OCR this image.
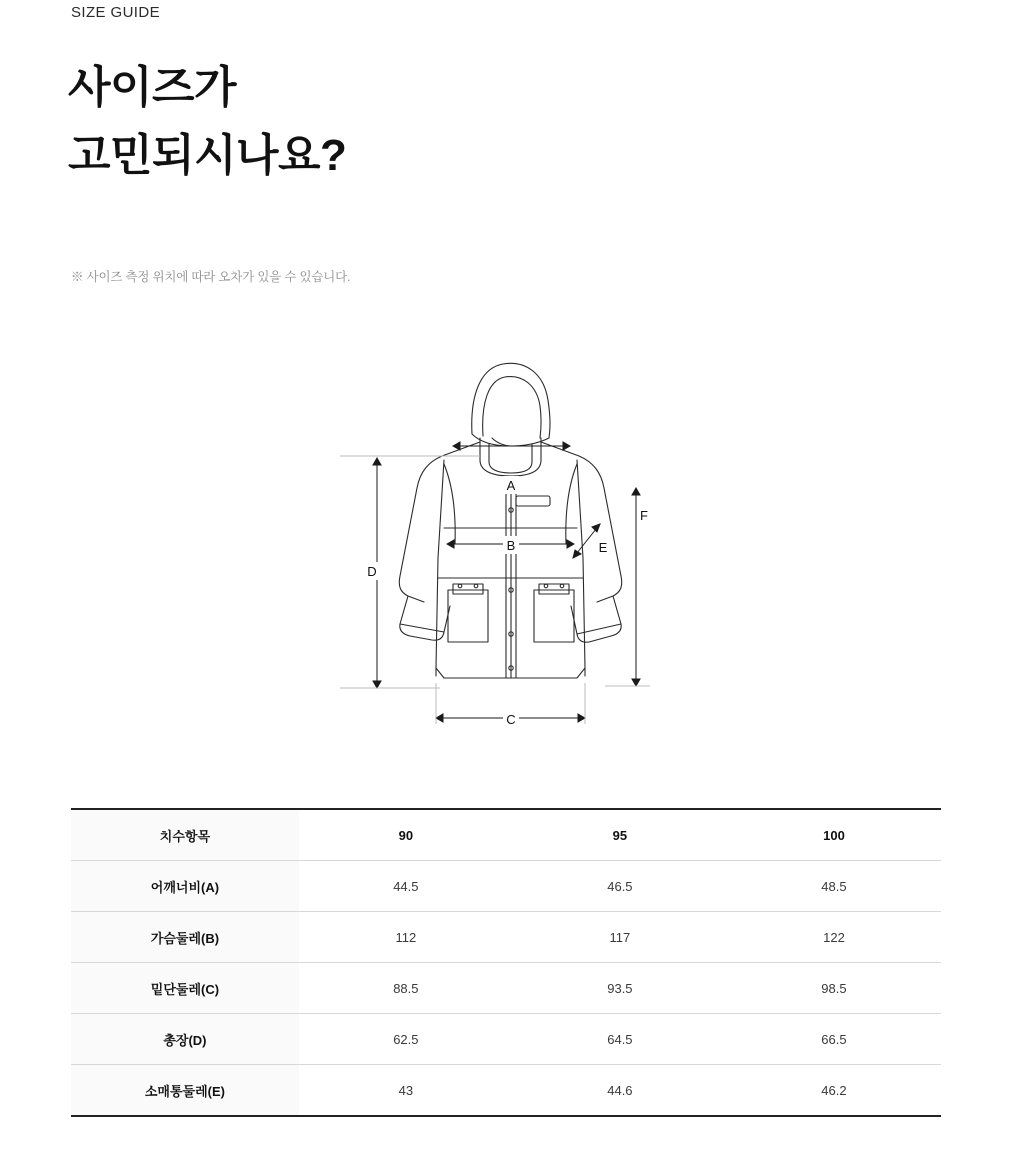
SIZE GUIDE
사이즈가
고민되시나요?
※ 사이즈 측정 위치에 따라 오차가 있을 수 있습니다.
A
B
C
D
E
F
치수항목	90	95	100
어깨너비(A)	44.5	46.5	48.5
가슴둘레(B)	112	117	122
밑단둘레(C)	88.5	93.5	98.5
총장(D)	62.5	64.5	66.5
소매통둘레(E)	43	44.6	46.2
